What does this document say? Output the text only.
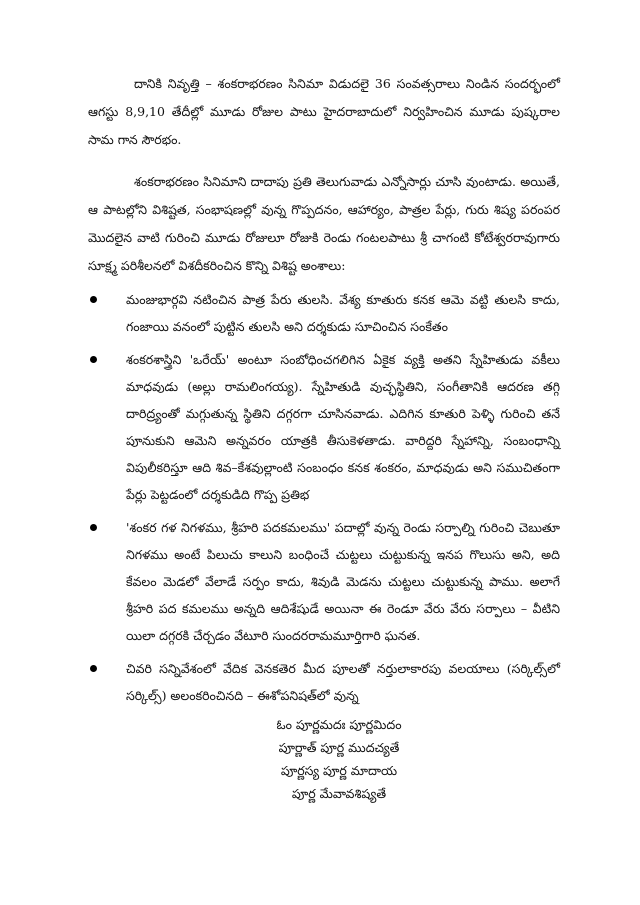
దానికి నివృత్తి – శంకరాభరణం సినిమా విడుదలై 36 సంవత్సరాలు నిండిన సందర్భంలో ఆగస్టు 8,9,10 తేదీల్లో మూడు రోజుల పాటు హైదరాబాదులో నిర్వహించిన మూడు పుష్కరాల సామ గాన సౌరభం.

శంకరాభరణం సినిమాని దాదాపు ప్రతి తెలుగువాడు ఎన్నోసార్లు చూసి వుంటాడు. అయితే, ఆ పాటల్లోని విశిష్టత, సంభాషణల్లో వున్న గొప్పదనం, ఆహార్యం, పాత్రల పేర్లు, గురు శిష్య పరంపర మొదలైన వాటి గురించి మూడు రోజులూ రోజుకి రెండు గంటలపాటు శ్రీ చాగంటి కోటేశ్వరరావుగారు సూక్ష్మ పరిశీలనలో విశదీకరించిన కొన్ని విశిష్ట అంశాలు:

మంజుభార్గవి నటించిన పాత్ర పేరు తులసి. వేశ్య కూతురు కనక ఆమె వట్టి తులసి కాదు, గంజాయి వనంలో పుట్టిన తులసి అని దర్శకుడు సూచించిన సంకేతం
శంకరశాస్త్రిని 'ఒరేయ్' అంటూ సంబోధించగలిగిన ఏకైక వ్యక్తి అతని స్నేహితుడు వకీలు మాధవుడు (అల్లు రామలింగయ్య). స్నేహితుడి వుచ్ఛస్థితిని, సంగీతానికి ఆదరణ తగ్గి దారిద్ర్యంతో మగ్గుతున్న స్థితిని దగ్గరగా చూసినవాడు. ఎదిగిన కూతురి పెళ్ళి గురించి తనే పూనుకుని ఆమెని అన్నవరం యాత్రకి తీసుకెళతాడు. వారిద్దరి స్నేహాన్ని, సంబంధాన్ని విపులీకరిస్తూ ఆది శివ–కేశవుల్లాంటి సంబంధం కనక శంకరం, మాధవుడు అని సముచితంగా పేర్లు పెట్టడంలో దర్శకుడిది గొప్ప ప్రతిభ
'శంకర గళ నిగళము, శ్రీహరి పదకమలము' పదాల్లో వున్న రెండు సర్పాల్ని గురించి చెబుతూ నిగళము అంటే పిలుచు కాలుని బంధించే చుట్టలు చుట్టుకున్న ఇనప గొలుసు అని, అది కేవలం మెడలో వేలాడే సర్పం కాదు, శివుడి మెడను చుట్టలు చుట్టుకున్న పాము. అలాగే శ్రీహరి పద కమలము అన్నది ఆదిశేషుడే అయినా ఈ రెండూ వేరు వేరు సర్పాలు – వీటిని యిలా దగ్గరకి చేర్చడం వేటూరి సుందరరామమూర్తిగారి ఘనత.
చివరి సన్నివేశంలో వేదిక వెనకతెర మీద పూలతో నర్తులాకారపు వలయాలు (సర్కిల్స్‌లో సర్కిల్స్) అలంకరించినది – ఈశోపనిషత్‌లో వున్న
ఓం పూర్ణమదః పూర్ణమిదం
పూర్ణాత్ పూర్ణ ముదచ్యతే
పూర్ణస్య పూర్ణ మాదాయ
పూర్ణ మేవావశిష్యతే
